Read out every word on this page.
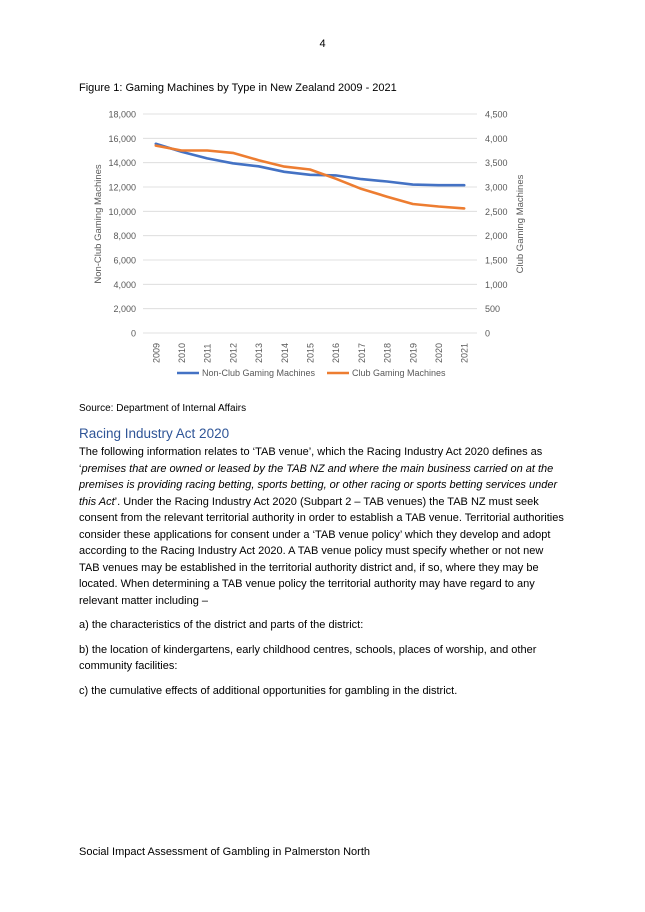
4
Figure 1: Gaming Machines by Type in New Zealand 2009 - 2021
0
2,000
4,000
6,000
8,000
10,000
12,000
14,000
16,000
18,000
0
500
1,000
1,500
2,000
2,500
3,000
3,500
4,000
4,500
2009 2010 2011 2012 2013 2014 2015 2016 2017 2018 2019 2020 2021
Non-Club Gaming Machines	Club Gaming Machines
Non-Club Gaming Machines	Club Gaming Machines
Source: Department of Internal Affairs
Racing Industry Act 2020

The following information relates to ‘TAB venue’, which the Racing Industry Act 2020 defines as ‘premises that are owned or leased by the TAB NZ and where the main business carried on at the premises is providing racing betting, sports betting, or other racing or sports betting services under this Act’. Under the Racing Industry Act 2020 (Subpart 2 – TAB venues) the TAB NZ must seek consent from the relevant territorial authority in order to establish a TAB venue. Territorial authorities consider these applications for consent under a ‘TAB venue policy’ which they develop and adopt according to the Racing Industry Act 2020. A TAB venue policy must specify whether or not new TAB venues may be established in the territorial authority district and, if so, where they may be located. When determining a TAB venue policy the territorial authority may have regard to any relevant matter including –

a) the characteristics of the district and parts of the district:

b) the location of kindergartens, early childhood centres, schools, places of worship, and other community facilities:

c) the cumulative effects of additional opportunities for gambling in the district.

Social Impact Assessment of Gambling in Palmerston North
